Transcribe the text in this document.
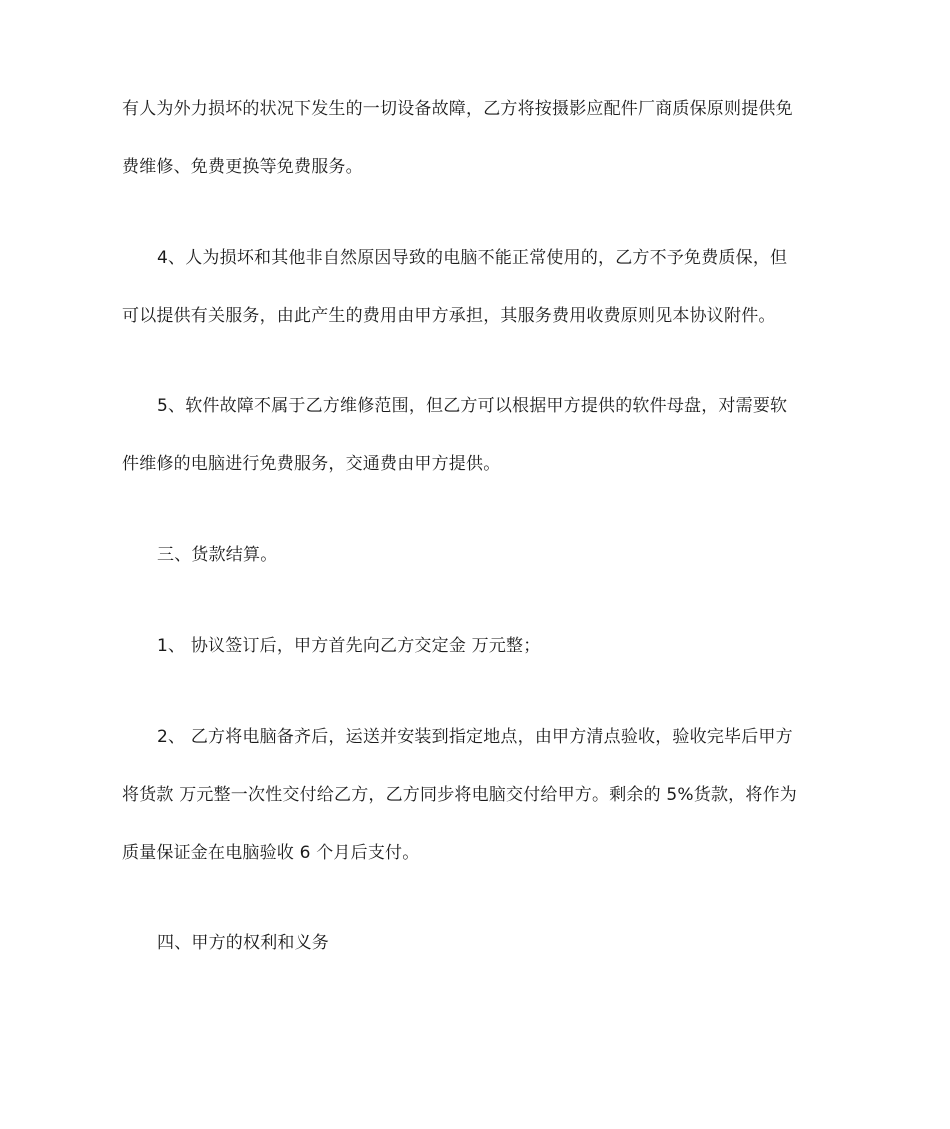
有人为外力损坏的状况下发生的一切设备故障，乙方将按摄影应配件厂商质保原则提供免
费维修、免费更换等免费服务。
4、人为损坏和其他非自然原因导致的电脑不能正常使用的，乙方不予免费质保，但
可以提供有关服务，由此产生的费用由甲方承担，其服务费用收费原则见本协议附件。
5、软件故障不属于乙方维修范围，但乙方可以根据甲方提供的软件母盘，对需要软
件维修的电脑进行免费服务，交通费由甲方提供。
三、货款结算。
1、 协议签订后，甲方首先向乙方交定金 万元整；
2、 乙方将电脑备齐后，运送并安装到指定地点，由甲方清点验收，验收完毕后甲方
将货款 万元整一次性交付给乙方，乙方同步将电脑交付给甲方。剩余的 5%货款，将作为
质量保证金在电脑验收 6 个月后支付。
四、甲方的权利和义务
